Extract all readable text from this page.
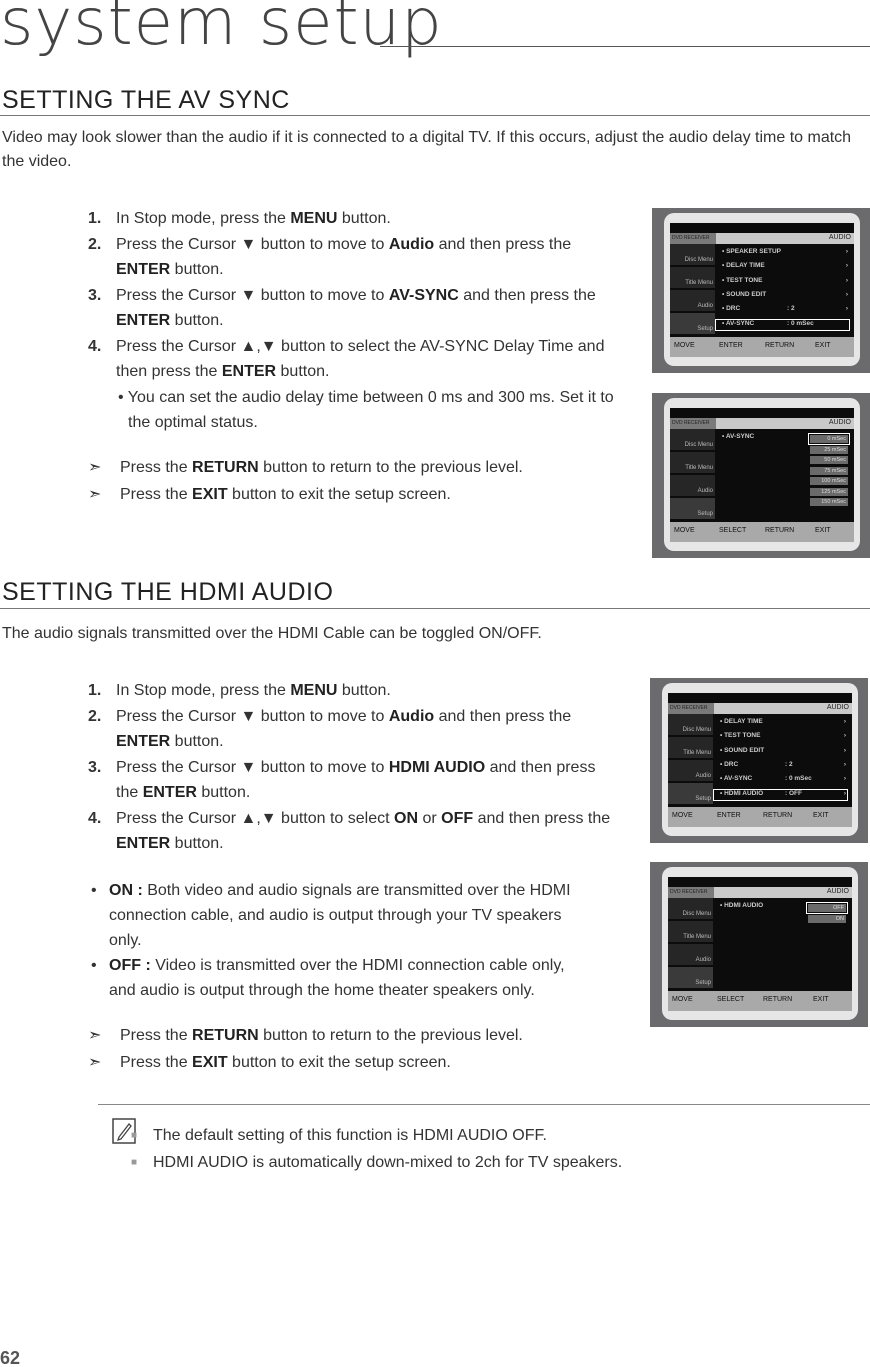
system setup
SETTING THE AV SYNC
Video may look slower than the audio if it is connected to a digital TV. If this occurs, adjust the audio delay time to match the video.
1. In Stop mode, press the MENU button.
2. Press the Cursor ▼ button to move to Audio and then press the ENTER button.
3. Press the Cursor ▼ button to move to AV-SYNC and then press the ENTER button.
4. Press the Cursor ▲,▼ button to select the AV-SYNC Delay Time and then press the ENTER button.
• You can set the audio delay time between 0 ms and 300 ms. Set it to the optimal status.
➣	Press the RETURN button to return to the previous level.
➣	Press the EXIT button to exit the setup screen.
SETTING THE HDMI AUDIO
The audio signals transmitted over the HDMI Cable can be toggled ON/OFF.
1. In Stop mode, press the MENU button.
2. Press the Cursor ▼ button to move to Audio and then press the ENTER button.
3. Press the Cursor ▼ button to move to HDMI AUDIO and then press the ENTER button.
4. Press the Cursor ▲,▼ button to select ON or OFF and then press the ENTER button.
• ON : Both video and audio signals are transmitted over the HDMI connection cable, and audio is output through your TV speakers only.
• OFF : Video is transmitted over the HDMI connection cable only, and audio is output through the home theater speakers only.
➣	Press the RETURN button to return to the previous level.
➣	Press the EXIT button to exit the setup screen.
DVD RECEIVER	AUDIO
Disc Menu
Title Menu
Audio
Setup
• SPEAKER SETUP	›
• DELAY TIME	›
• TEST TONE	›
• SOUND EDIT	›
• DRC	: 2	›
• AV-SYNC	: 0 mSec
MOVE	ENTER	RETURN	EXIT
DVD RECEIVER	AUDIO
Disc Menu
Title Menu
Audio
Setup
• AV-SYNC	0 mSec
25 mSec
50 mSec
75 mSec
100 mSec
125 mSec
150 mSec
MOVE	SELECT	RETURN	EXIT
DVD RECEIVER	AUDIO
Disc Menu
Title Menu
Audio
Setup
• DELAY TIME	›
• TEST TONE	›
• SOUND EDIT	›
• DRC	: 2	›
• AV-SYNC	: 0 mSec	›
• HDMI AUDIO	: OFF	›
MOVE	ENTER	RETURN	EXIT
DVD RECEIVER	AUDIO
Disc Menu
Title Menu
Audio
Setup
• HDMI AUDIO	OFF
ON
MOVE	SELECT	RETURN	EXIT
■ The default setting of this function is HDMI AUDIO OFF.
■ HDMI AUDIO is automatically down-mixed to 2ch for TV speakers.
62
